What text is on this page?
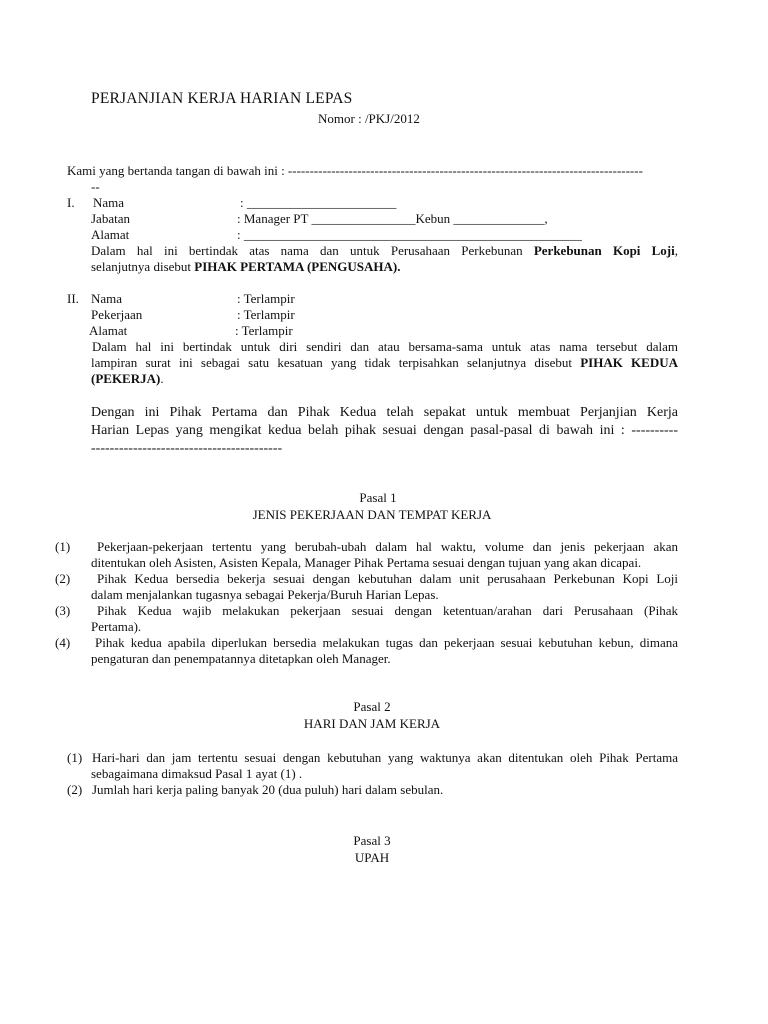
PERJANJIAN KERJA HARIAN LEPAS
Nomor : /PKJ/2012
Kami yang bertanda tangan di bawah ini : ----------------------------------------------------------------------------------
--
I. Nama	: _______________________
Jabatan	: Manager PT ________________Kebun ______________,
Alamat	: ____________________________________________________
Dalam hal ini bertindak atas nama dan untuk Perusahaan Perkebunan Perkebunan Kopi Loji,
selanjutnya disebut PIHAK PERTAMA (PENGUSAHA).
II. Nama	: Terlampir
Pekerjaan	: Terlampir
Alamat	: Terlampir
Dalam hal ini bertindak untuk diri sendiri dan atau bersama-sama untuk atas nama tersebut dalam
lampiran surat ini sebagai satu kesatuan yang tidak terpisahkan selanjutnya disebut PIHAK KEDUA
(PEKERJA).
Dengan ini Pihak Pertama dan Pihak Kedua telah sepakat untuk membuat Perjanjian Kerja
Harian Lepas yang mengikat kedua belah pihak sesuai dengan pasal-pasal di bawah ini : ----------
-----------------------------------------
Pasal 1
JENIS PEKERJAAN DAN TEMPAT KERJA
(1) Pekerjaan-pekerjaan tertentu yang berubah-ubah dalam hal waktu, volume dan jenis pekerjaan akan
ditentukan oleh Asisten, Asisten Kepala, Manager Pihak Pertama sesuai dengan tujuan yang akan dicapai.
(2) Pihak Kedua bersedia bekerja sesuai dengan kebutuhan dalam unit perusahaan Perkebunan Kopi Loji
dalam menjalankan tugasnya sebagai Pekerja/Buruh Harian Lepas.
(3) Pihak Kedua wajib melakukan pekerjaan sesuai dengan ketentuan/arahan dari Perusahaan (Pihak
Pertama).
(4) Pihak kedua apabila diperlukan bersedia melakukan tugas dan pekerjaan sesuai kebutuhan kebun, dimana
pengaturan dan penempatannya ditetapkan oleh Manager.
Pasal 2
HARI DAN JAM KERJA
(1) Hari-hari dan jam tertentu sesuai dengan kebutuhan yang waktunya akan ditentukan oleh Pihak Pertama
sebagaimana dimaksud Pasal 1 ayat (1) .
(2) Jumlah hari kerja paling banyak 20 (dua puluh) hari dalam sebulan.
Pasal 3
UPAH
